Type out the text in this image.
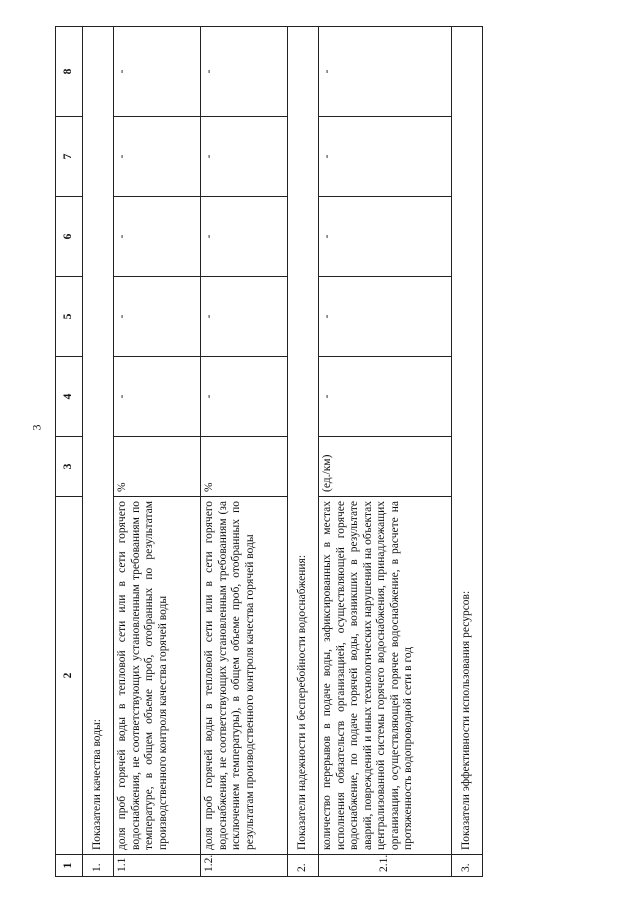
3
1	2	3	4	5	6	7	8
1.	Показатели качества воды:						
1.1	доля проб горячей воды в тепловой сети или в сети горячего водоснабжения, не соответствующих установленным требованиям по температуре, в общем объеме проб, отобранных по результатам производственного контроля качества горячей воды	%	-	-	-	-	-
1.2.	доля проб горячей воды в тепловой сети или в сети горячего водоснабжения, не соответствующих установленным требованиям (за исключением температуры), в общем объеме проб, отобранных по результатам производственного контроля качества горячей воды	%	-	-	-	-	-
2.	Показатели надежности и бесперебойности водоснабжения:						
2.1.	количество перерывов в подаче воды, зафиксированных в местах исполнения обязательств организацией, осуществляющей горячее водоснабжение, по подаче горячей воды, возникших в результате аварий, повреждений и иных технологических нарушений на объектах централизованной системы горячего водоснабжения, принадлежащих организации, осуществляющей горячее водоснабжение, в расчете на протяженность водопроводной сети в год	(ед./км)	-	-	-	-	-
3.	Показатели эффективности использования ресурсов:						
